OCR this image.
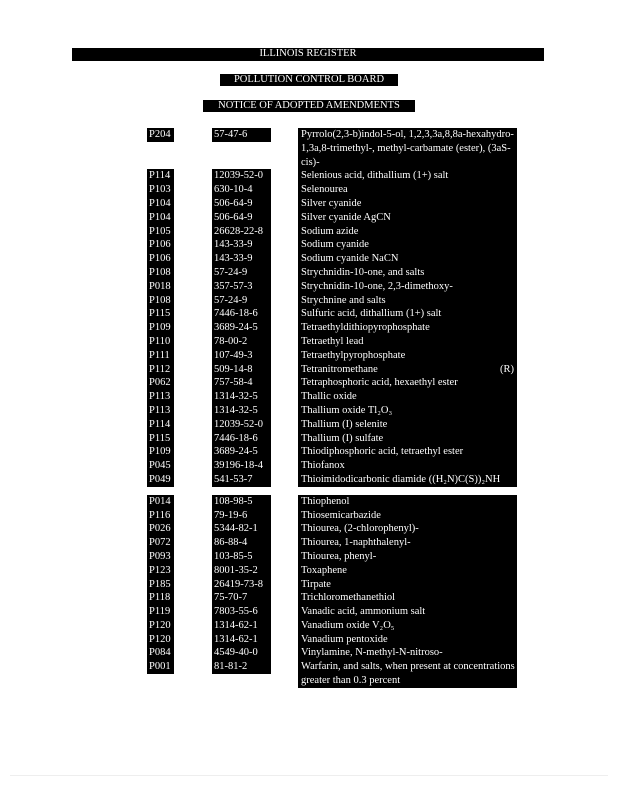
ILLINOIS REGISTER
POLLUTION CONTROL BOARD
NOTICE OF ADOPTED AMENDMENTS
P204	57-47-6	Pyrrolo(2,3-b)indol-5-ol, 1,2,3,3a,8,8a-hexahydro-1,3a,8-trimethyl-, methyl-carbamate (ester), (3aS-cis)-
P114	12039-52-0	Selenious acid, dithallium (1+) salt
P103	630-10-4	Selenourea
P104	506-64-9	Silver cyanide
P104	506-64-9	Silver cyanide AgCN
P105	26628-22-8	Sodium azide
P106	143-33-9	Sodium cyanide
P106	143-33-9	Sodium cyanide NaCN
P108	57-24-9	Strychnidin-10-one, and salts
P018	357-57-3	Strychnidin-10-one, 2,3-dimethoxy-
P108	57-24-9	Strychnine and salts
P115	7446-18-6	Sulfuric acid, dithallium (1+) salt
P109	3689-24-5	Tetraethyldithiopyrophosphate
P110	78-00-2	Tetraethyl lead
P111	107-49-3	Tetraethylpyrophosphate
P112	509-14-8	Tetranitromethane	(R)
P062	757-58-4	Tetraphosphoric acid, hexaethyl ester
P113	1314-32-5	Thallic oxide
P113	1314-32-5	Thallium oxide Tl₂O₃
P114	12039-52-0	Thallium (I) selenite
P115	7446-18-6	Thallium (I) sulfate
P109	3689-24-5	Thiodiphosphoric acid, tetraethyl ester
P045	39196-18-4	Thiofanox
P049	541-53-7	Thioimidodicarbonic diamide ((H₂N)C(S))₂NH
P014	108-98-5	Thiophenol
P116	79-19-6	Thiosemicarbazide
P026	5344-82-1	Thiourea, (2-chlorophenyl)-
P072	86-88-4	Thiourea, 1-naphthalenyl-
P093	103-85-5	Thiourea, phenyl-
P123	8001-35-2	Toxaphene
P185	26419-73-8	Tirpate
P118	75-70-7	Trichloromethanethiol
P119	7803-55-6	Vanadic acid, ammonium salt
P120	1314-62-1	Vanadium oxide V₂O₅
P120	1314-62-1	Vanadium pentoxide
P084	4549-40-0	Vinylamine, N-methyl-N-nitroso-
P001	81-81-2	Warfarin, and salts, when present at concentrations greater than 0.3 percent
